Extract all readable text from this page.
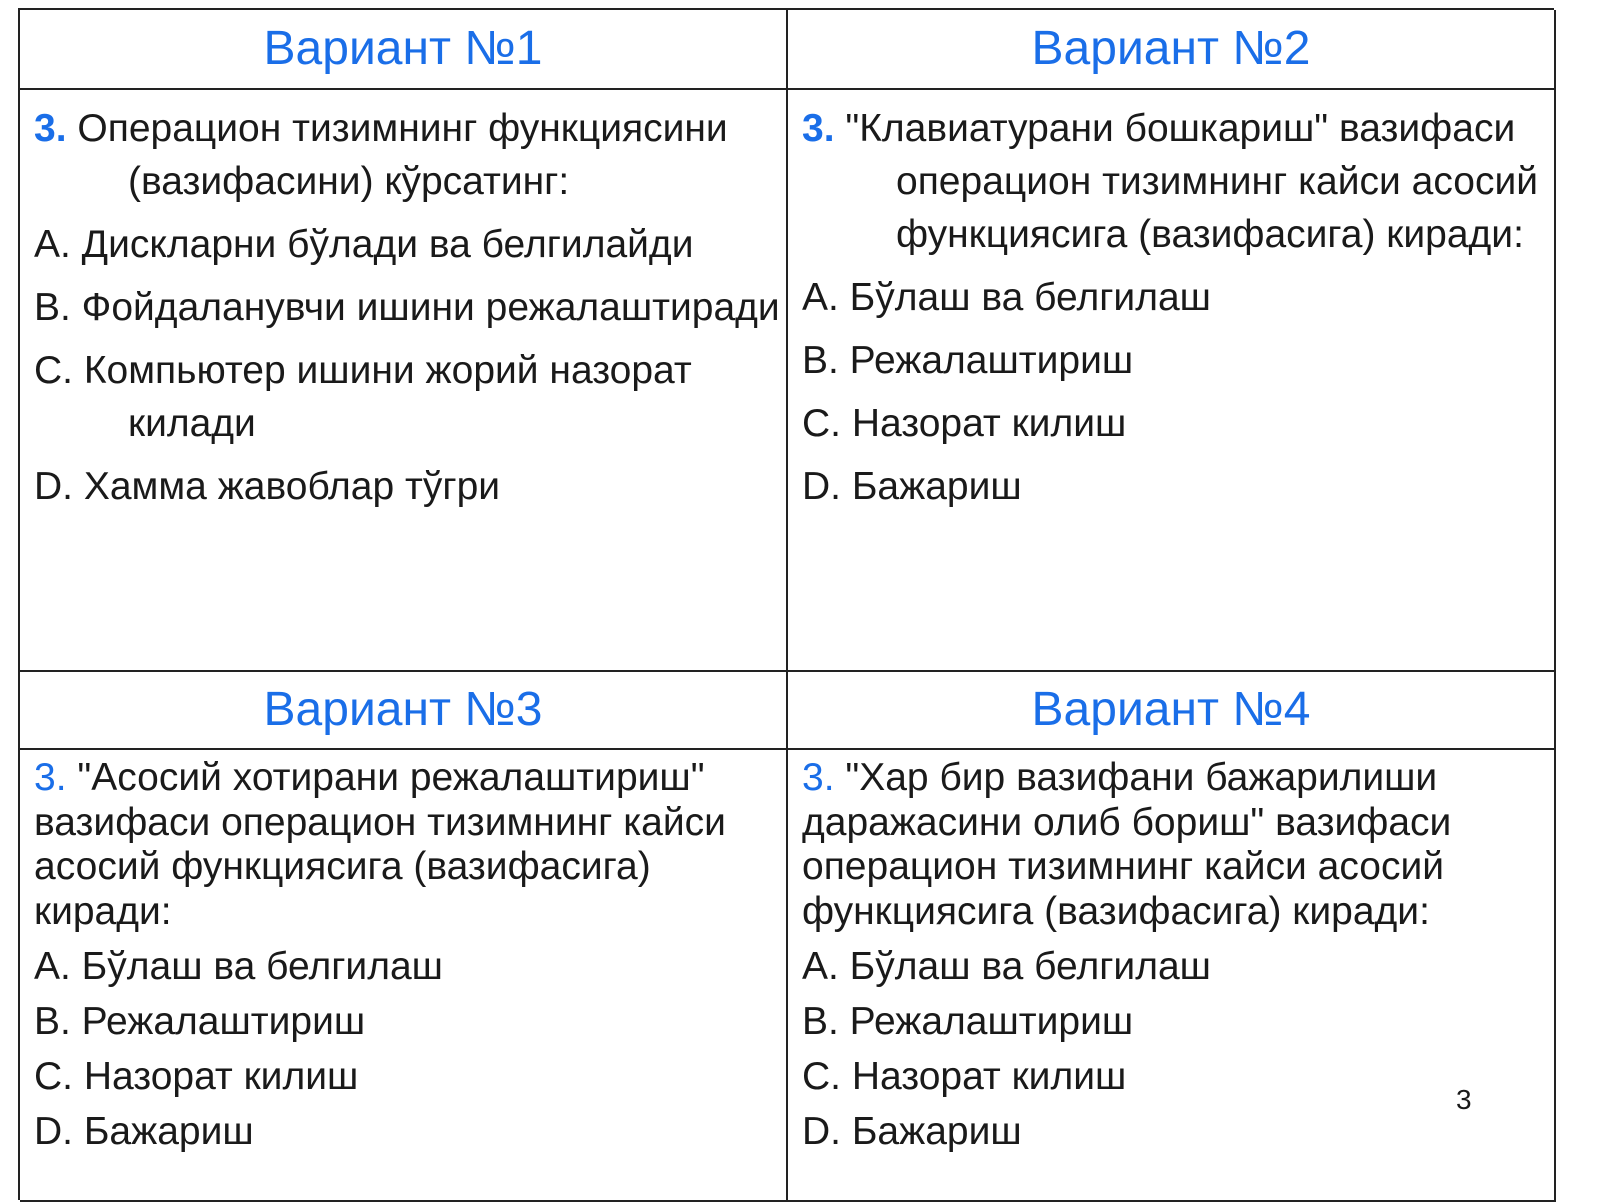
Вариант №1	Вариант №2

3. Операцион тизимнинг функциясини (вазифасини) кўрсатинг:

A. Дискларни бўлади ва белгилайди

B. Фойдаланувчи ишини режалаштиради

C. Компьютер ишини жорий назорат килади

D. Хамма жавоблар тўгри

3. "Клавиатурани бошкариш" вазифаси операцион тизимнинг кайси асосий функциясига (вазифасига) киради:

A. Бўлаш ва белгилаш

B. Режалаштириш

C. Назорат килиш

D. Бажариш

Вариант №3	Вариант №4

3. "Асосий хотирани режалаштириш" вазифаси операцион тизимнинг кайси асосий функциясига (вазифасига) киради:

A. Бўлаш ва белгилаш

B. Режалаштириш

C. Назорат килиш

D. Бажариш

3. "Хар бир вазифани бажарилиши даражасини олиб бориш" вазифаси операцион тизимнинг кайси асосий функциясига (вазифасига) киради:

A. Бўлаш ва белгилаш

B. Режалаштириш

C. Назорат килиш

D. Бажариш

3
